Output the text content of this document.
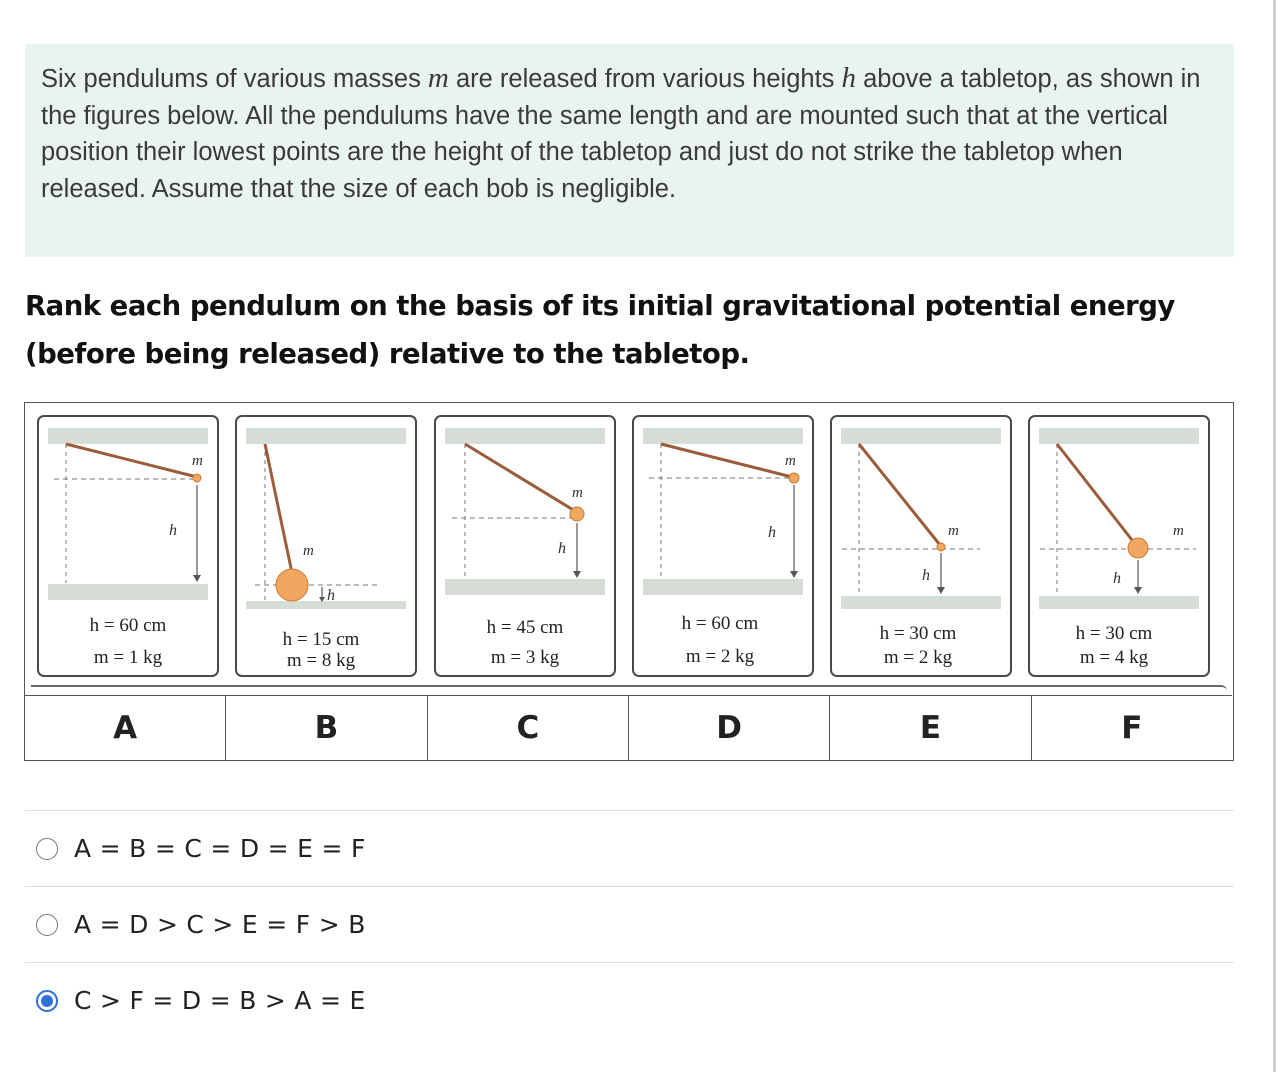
Six pendulums of various masses m are released from various heights h above a tabletop, as shown in the figures below. All the pendulums have the same length and are mounted such that at the vertical position their lowest points are the height of the tabletop and just do not strike the tabletop when released. Assume that the size of each bob is negligible.

Rank each pendulum on the basis of its initial gravitational potential energy (before being released) relative to the tabletop.
m
h
h = 60 cm
m = 1 kg
m
h
h = 15 cm
m = 8 kg
m
h
h = 45 cm
m = 3 kg
m
h
h = 60 cm
m = 2 kg
m
h
h = 30 cm
m = 2 kg
m
h
h = 30 cm
m = 4 kg
A	B	C	D	E	F
A = B = C = D = E = F
A = D > C > E = F > B
C > F = D = B > A = E
